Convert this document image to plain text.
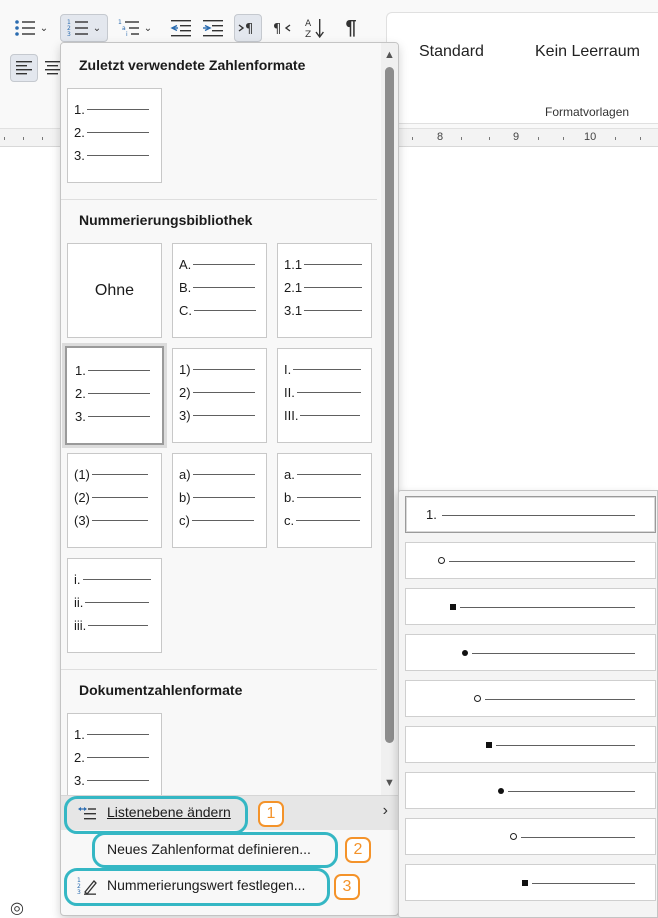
⌄	1
2
3
⌄	1
a
i
⌄	¶ ¶	A
Z ¶
Standard	Kein Leerraum
Formatvorlagen
8	9	10
◎
Zuletzt verwendete Zahlenformate
1.
2.
3.
Nummerierungsbibliothek
Ohne
A.
B.
C.
1.1
2.1
3.1
1.
2.
3.
1)
2)
3)
I.
II.
III.
(1)
(2)
(3)
a)
b)
c)
a.
b.
c.
i.
ii.
iii.
Dokumentzahlenformate
1.
2.
3.
▲
▼
Listenebene ändern	›
Neues Zahlenformat definieren...
1
2
3 Nummerierungswert festlegen...
1
2
3
1.
